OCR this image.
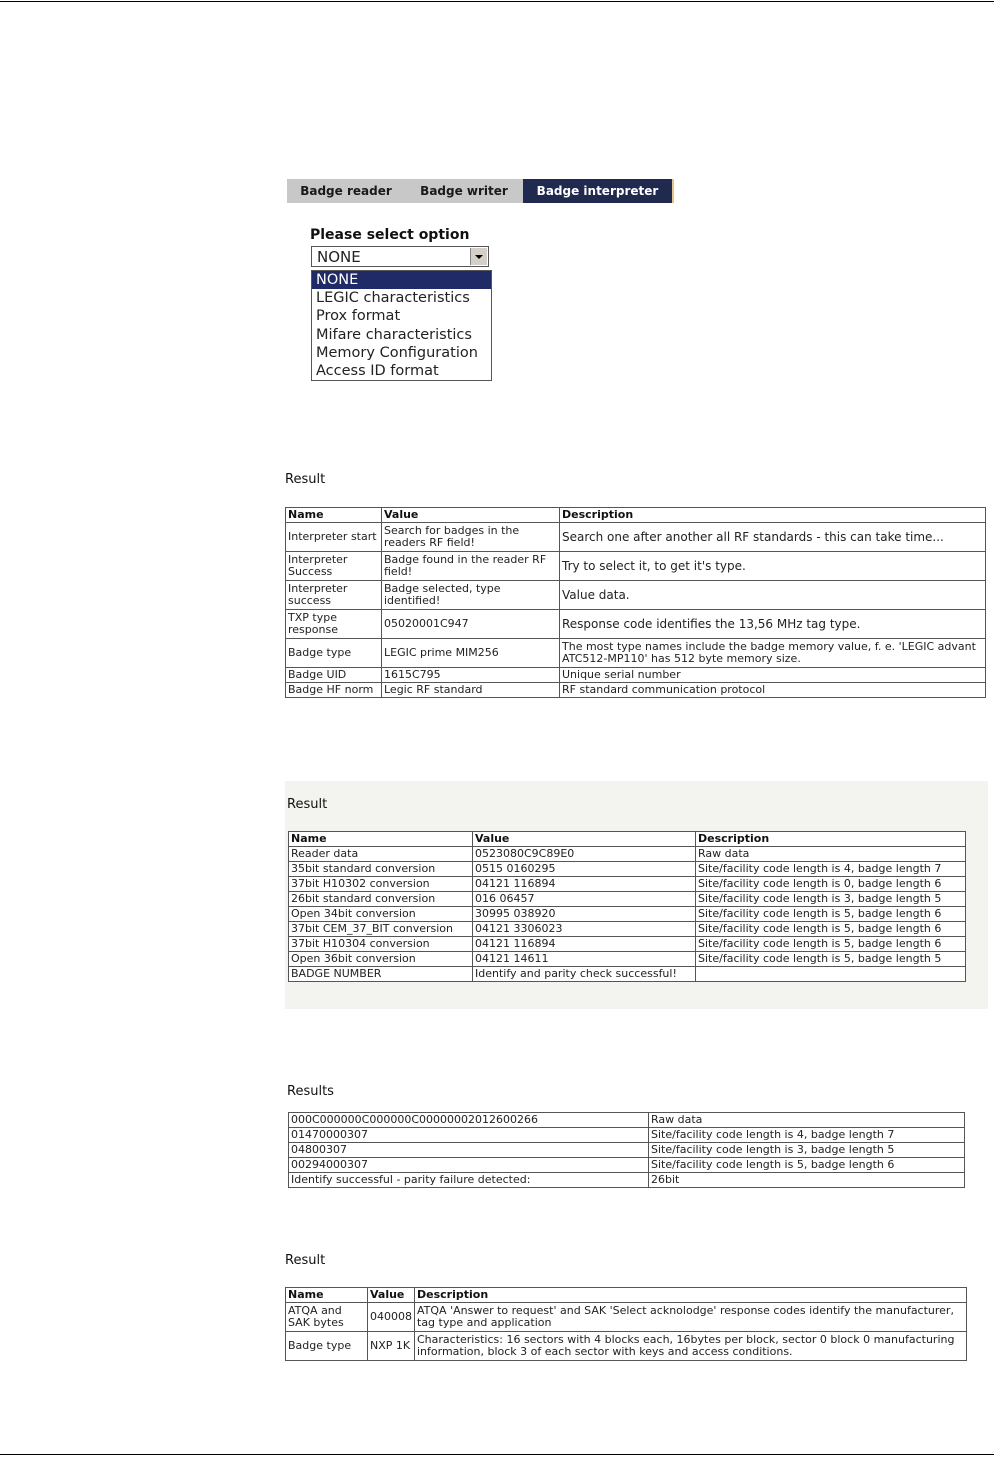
Badge reader	Badge writer	Badge interpreter
Please select option
NONE
NONE
LEGIC characteristics
Prox format
Mifare characteristics
Memory Configuration
Access ID format
Result
Name	Value	Description
Interpreter start	Search for badges in the readers RF field!	Search one after another all RF standards - this can take time...
Interpreter Success	Badge found in the reader RF field!	Try to select it, to get it's type.
Interpreter success	Badge selected, type identified!	Value data.
TXP type response	05020001C947	Response code identifies the 13,56 MHz tag type.
Badge type	LEGIC prime MIM256	The most type names include the badge memory value, f. e. 'LEGIC advant ATC512-MP110' has 512 byte memory size.
Badge UID	1615C795	Unique serial number
Badge HF norm	Legic RF standard	RF standard communication protocol
Result
Name	Value	Description
Reader data	0523080C9C89E0	Raw data
35bit standard conversion	0515 0160295	Site/facility code length is 4, badge length 7
37bit H10302 conversion	04121 116894	Site/facility code length is 0, badge length 6
26bit standard conversion	016 06457	Site/facility code length is 3, badge length 5
Open 34bit conversion	30995 038920	Site/facility code length is 5, badge length 6
37bit CEM_37_BIT conversion	04121 3306023	Site/facility code length is 5, badge length 6
37bit H10304 conversion	04121 116894	Site/facility code length is 5, badge length 6
Open 36bit conversion	04121 14611	Site/facility code length is 5, badge length 5
BADGE NUMBER	Identify and parity check successful!	
Results
000C000000C000000C00000002012600266	Raw data
01470000307	Site/facility code length is 4, badge length 7
04800307	Site/facility code length is 3, badge length 5
00294000307	Site/facility code length is 5, badge length 6
Identify successful - parity failure detected:	26bit
Result
Name	Value	Description
ATQA and SAK bytes	040008	ATQA 'Answer to request' and SAK 'Select acknolodge' response codes identify the manufacturer, tag type and application
Badge type	NXP 1K	Characteristics: 16 sectors with 4 blocks each, 16bytes per block, sector 0 block 0 manufacturing information, block 3 of each sector with keys and access conditions.
